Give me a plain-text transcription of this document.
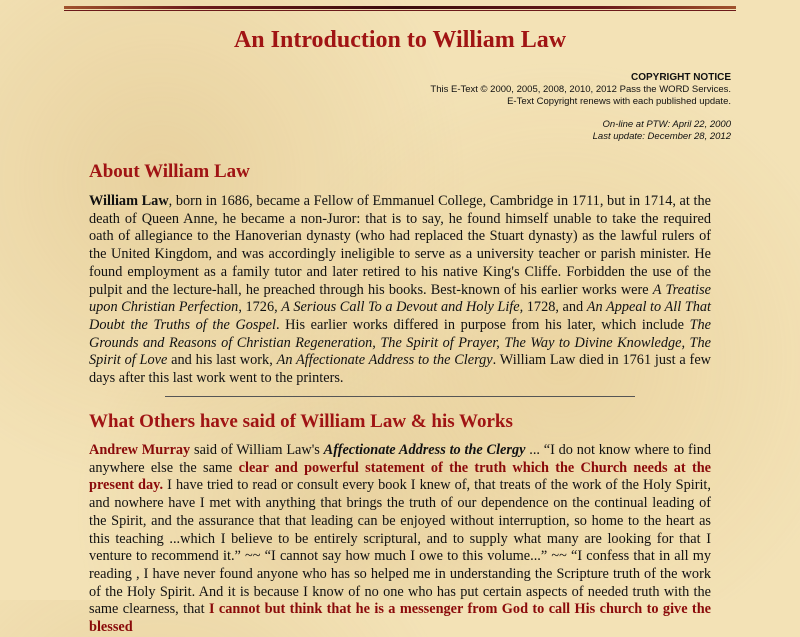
An Introduction to William Law
COPYRIGHT NOTICE
This E-Text © 2000, 2005, 2008, 2010, 2012 Pass the WORD Services.
E-Text Copyright renews with each published update.
On-line at PTW: April 22, 2000
Last update: December 28, 2012
About William Law
William Law, born in 1686, became a Fellow of Emmanuel College, Cambridge in 1711, but in 1714, at the death of Queen Anne, he became a non-Juror: that is to say, he found himself unable to take the required oath of allegiance to the Hanoverian dynasty (who had replaced the Stuart dynasty) as the lawful rulers of the United Kingdom, and was accordingly ineligible to serve as a university teacher or parish minister. He found employment as a family tutor and later retired to his native King's Cliffe. Forbidden the use of the pulpit and the lecture-hall, he preached through his books. Best-known of his earlier works were A Treatise upon Christian Perfection, 1726, A Serious Call To a Devout and Holy Life, 1728, and An Appeal to All That Doubt the Truths of the Gospel. His earlier works differed in purpose from his later, which include The Grounds and Reasons of Christian Regeneration, The Spirit of Prayer, The Way to Divine Knowledge, The Spirit of Love and his last work, An Affectionate Address to the Clergy. William Law died in 1761 just a few days after this last work went to the printers.
What Others have said of William Law & his Works
Andrew Murray said of William Law's Affectionate Address to the Clergy ... “I do not know where to find anywhere else the same clear and powerful statement of the truth which the Church needs at the present day. I have tried to read or consult every book I knew of, that treats of the work of the Holy Spirit, and nowhere have I met with anything that brings the truth of our dependence on the continual leading of the Spirit, and the assurance that that leading can be enjoyed without interruption, so home to the heart as this teaching ...which I believe to be entirely scriptural, and to supply what many are looking for that I venture to recommend it.” ~~ “I cannot say how much I owe to this volume...” ~~ “I confess that in all my reading , I have never found anyone who has so helped me in understanding the Scripture truth of the work of the Holy Spirit. And it is because I know of no one who has put certain aspects of needed truth with the same clearness, that I cannot but think that he is a messenger from God to call His church to give the blessed
